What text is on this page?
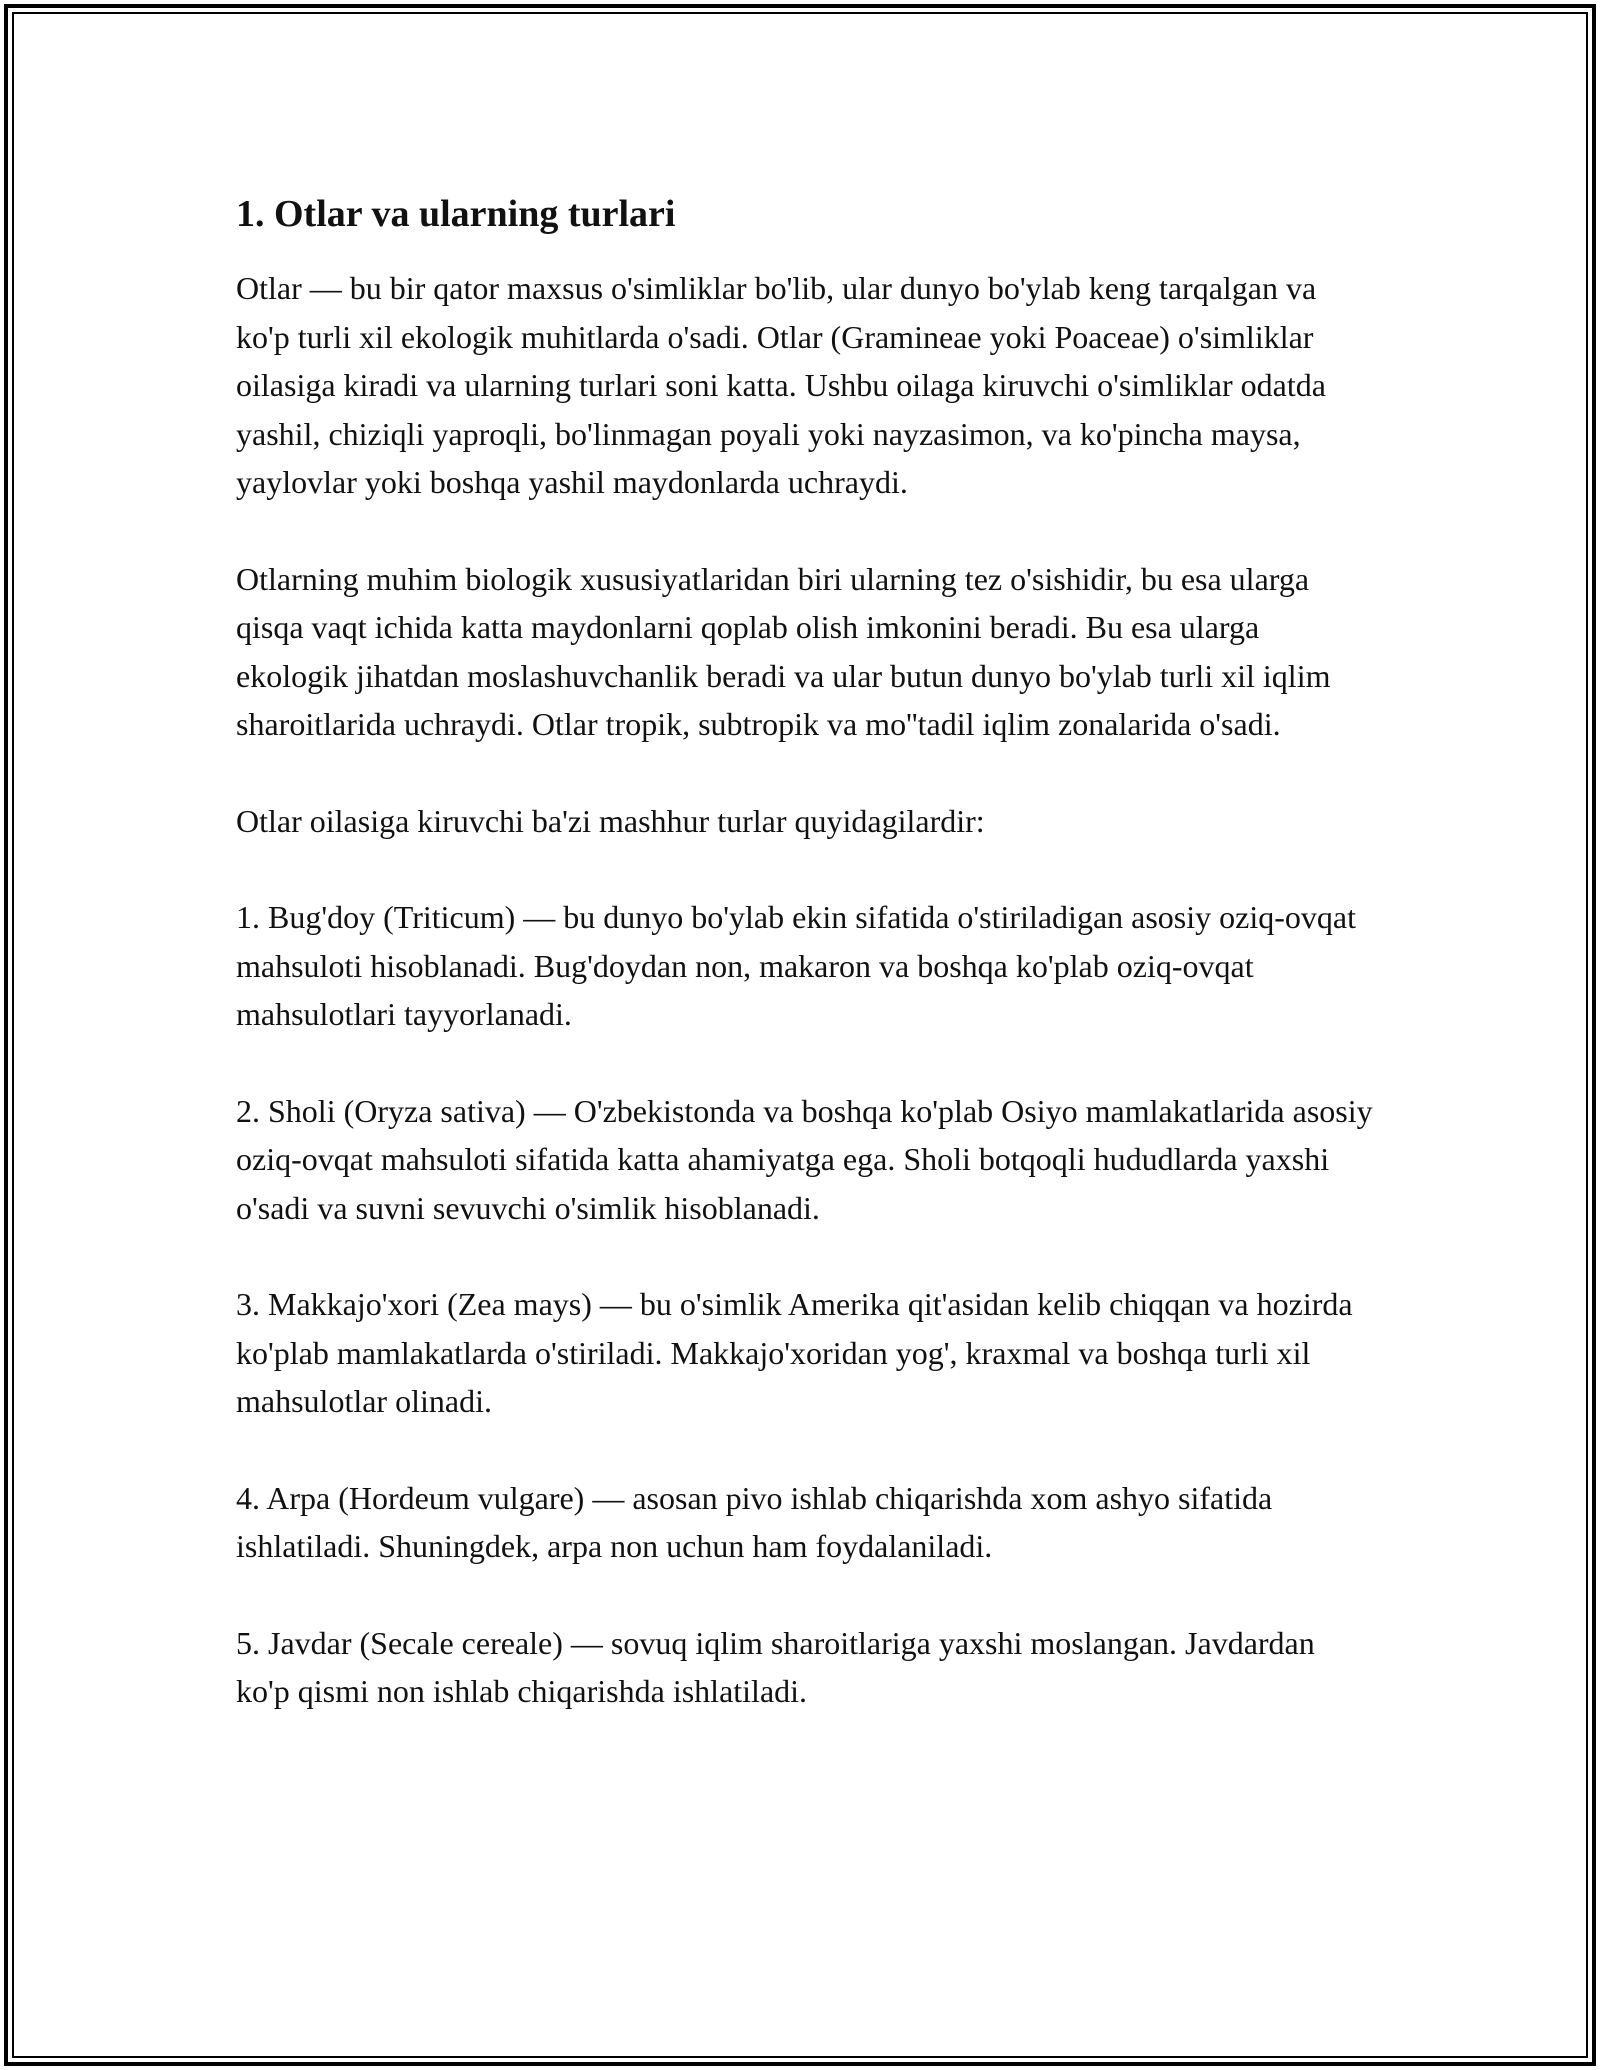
1. Otlar va ularning turlari

Otlar — bu bir qator maxsus o'simliklar bo'lib, ular dunyo bo'ylab keng tarqalgan va ko'p turli xil ekologik muhitlarda o'sadi. Otlar (Gramineae yoki Poaceae) o'simliklar oilasiga kiradi va ularning turlari soni katta. Ushbu oilaga kiruvchi o'simliklar odatda yashil, chiziqli yaproqli, bo'linmagan poyali yoki nayzasimon, va ko'pincha maysa, yaylovlar yoki boshqa yashil maydonlarda uchraydi.

Otlarning muhim biologik xususiyatlaridan biri ularning tez o'sishidir, bu esa ularga qisqa vaqt ichida katta maydonlarni qoplab olish imkonini beradi. Bu esa ularga ekologik jihatdan moslashuvchanlik beradi va ular butun dunyo bo'ylab turli xil iqlim sharoitlarida uchraydi. Otlar tropik, subtropik va mo''tadil iqlim zonalarida o'sadi.

Otlar oilasiga kiruvchi ba'zi mashhur turlar quyidagilardir:

1. Bug'doy (Triticum) — bu dunyo bo'ylab ekin sifatida o'stiriladigan asosiy oziq-ovqat mahsuloti hisoblanadi. Bug'doydan non, makaron va boshqa ko'plab oziq-ovqat mahsulotlari tayyorlanadi.

2. Sholi (Oryza sativa) — O'zbekistonda va boshqa ko'plab Osiyo mamlakatlarida asosiy oziq-ovqat mahsuloti sifatida katta ahamiyatga ega. Sholi botqoqli hududlarda yaxshi o'sadi va suvni sevuvchi o'simlik hisoblanadi.

3. Makkajo'xori (Zea mays) — bu o'simlik Amerika qit'asidan kelib chiqqan va hozirda ko'plab mamlakatlarda o'stiriladi. Makkajo'xoridan yog', kraxmal va boshqa turli xil mahsulotlar olinadi.

4. Arpa (Hordeum vulgare) — asosan pivo ishlab chiqarishda xom ashyo sifatida ishlatiladi. Shuningdek, arpa non uchun ham foydalaniladi.

5. Javdar (Secale cereale) — sovuq iqlim sharoitlariga yaxshi moslangan. Javdardan ko'p qismi non ishlab chiqarishda ishlatiladi.
